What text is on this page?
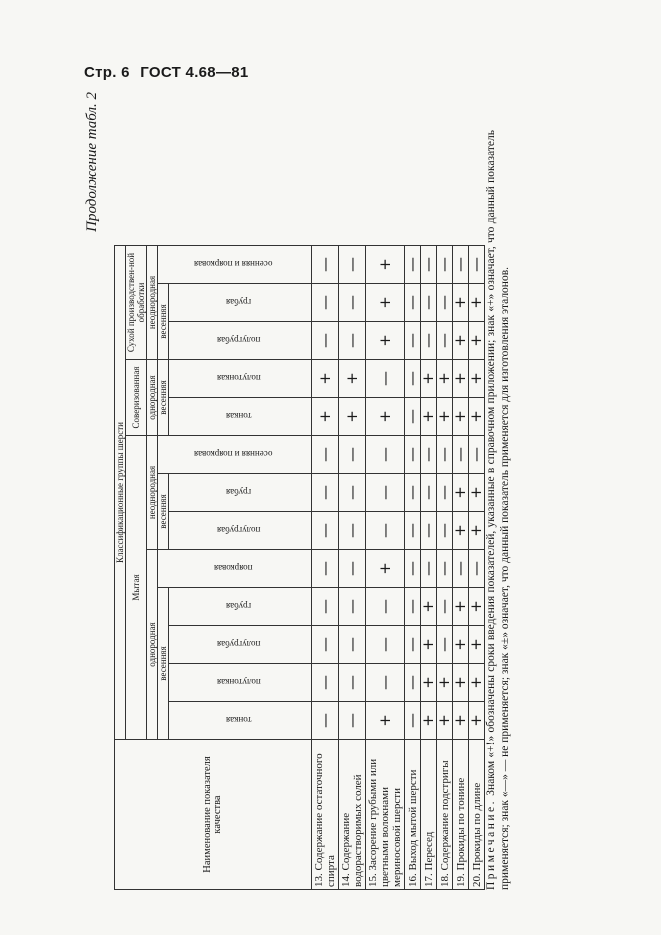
Стр. 6 ГОСТ 4.68—81
Продолжение табл. 2
Наименование показателя качества	Классификационные группы шерсти												
	Мытая								Соверизованная		Сухой производствен-ной обработки		
	однородная					неоднородная			однородная		неоднородная		
	весенняя				поярковая	весенняя		осенняя и поярковая	весенняя		весенняя		осенняя и поярковая
	тонкая	полутонкая	полугрубая	грубая		полугрубая	грубая		тонкая	полутонкая	полугрубая	грубая	
13. Содержание остаточного спирта	—	—	—	—	—	—	—	—	+	+	—	—	—
14. Содержание водорастворимых солей	—	—	—	—	—	—	—	—	+	+	—	—	—
15. Засорение грубыми или цветными волокнами мериносовой шерсти	+	—	—	—	+	—	—	—	+	—	+	+	+
16. Выход мытой шерсти	—	—	—	—	—	—	—	—	—	—	—	—	—
17. Пересед	+	+	+	+	—	—	—	—	+	+	—	—	—
18. Содержание подстригы	+	+	—	—	—	—	—	—	+	+	—	—	—
19. Прокиды по тонине	+	+	+	+	—	+	+	—	+	+	+	+	—
20. Прокиды по длине	+	+	+	+	—	+	+	—	+	+	+	+	—
Примечание. Знаком «+!» обозначены сроки введения показателей, указанные в справочном приложении; знак «+» означает, что данный показатель применяется; знак «—» — не применяется; знак «±» означает, что данный показатель применяется для изготовления эталонов.
